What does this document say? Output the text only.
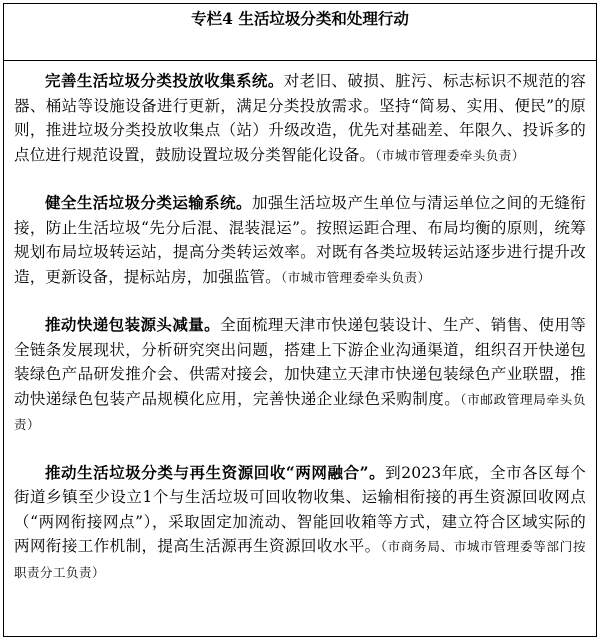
专栏4 生活垃圾分类和处理行动

完善生活垃圾分类投放收集系统。对老旧、破损、脏污、标志标识不规范的容器、桶站等设施设备进行更新，满足分类投放需求。坚持“简易、实用、便民”的原则，推进垃圾分类投放收集点（站）升级改造，优先对基础差、年限久、投诉多的点位进行规范设置，鼓励设置垃圾分类智能化设备。（市城市管理委牵头负责）

健全生活垃圾分类运输系统。加强生活垃圾产生单位与清运单位之间的无缝衔接，防止生活垃圾“先分后混、混装混运”。按照运距合理、布局均衡的原则，统筹规划布局垃圾转运站，提高分类转运效率。对既有各类垃圾转运站逐步进行提升改造，更新设备，提标站房，加强监管。（市城市管理委牵头负责）

推动快递包装源头减量。全面梳理天津市快递包装设计、生产、销售、使用等全链条发展现状，分析研究突出问题，搭建上下游企业沟通渠道，组织召开快递包装绿色产品研发推介会、供需对接会，加快建立天津市快递包装绿色产业联盟，推动快递绿色包装产品规模化应用，完善快递企业绿色采购制度。（市邮政管理局牵头负责）

推动生活垃圾分类与再生资源回收“两网融合”。到2023年底，全市各区每个街道乡镇至少设立1个与生活垃圾可回收物收集、运输相衔接的再生资源回收网点（“两网衔接网点”），采取固定加流动、智能回收箱等方式，建立符合区域实际的两网衔接工作机制，提高生活源再生资源回收水平。（市商务局、市城市管理委等部门按职责分工负责）
